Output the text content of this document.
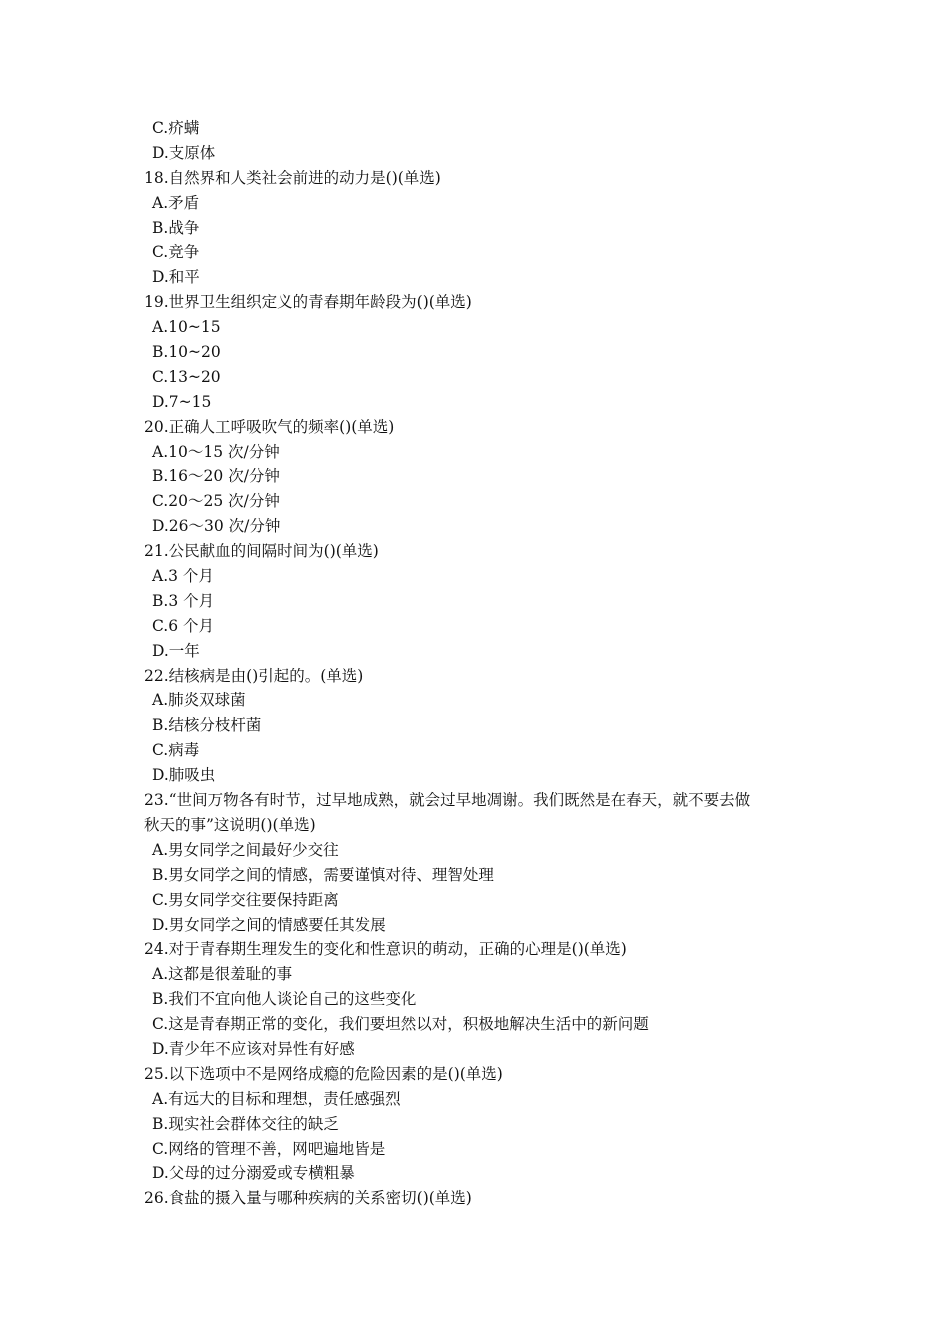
C.疥螨
D.支原体
18.自然界和人类社会前进的动力是()(单选)
A.矛盾
B.战争
C.竞争
D.和平
19.世界卫生组织定义的青春期年龄段为()(单选)
A.10~15
B.10~20
C.13~20
D.7~15
20.正确人工呼吸吹气的频率()(单选)
A.10～15 次/分钟
B.16～20 次/分钟
C.20～25 次/分钟
D.26～30 次/分钟
21.公民献血的间隔时间为()(单选)
A.3 个月
B.3 个月
C.6 个月
D.一年
22.结核病是由()引起的。(单选)
A.肺炎双球菌
B.结核分枝杆菌
C.病毒
D.肺吸虫
23.“世间万物各有时节，过早地成熟，就会过早地凋谢。我们既然是在春天，就不要去做
秋天的事”这说明()(单选)
A.男女同学之间最好少交往
B.男女同学之间的情感，需要谨慎对待、理智处理
C.男女同学交往要保持距离
D.男女同学之间的情感要任其发展
24.对于青春期生理发生的变化和性意识的萌动，正确的心理是()(单选)
A.这都是很羞耻的事
B.我们不宜向他人谈论自己的这些变化
C.这是青春期正常的变化，我们要坦然以对，积极地解决生活中的新问题
D.青少年不应该对异性有好感
25.以下选项中不是网络成瘾的危险因素的是()(单选)
A.有远大的目标和理想，责任感强烈
B.现实社会群体交往的缺乏
C.网络的管理不善，网吧遍地皆是
D.父母的过分溺爱或专横粗暴
26.食盐的摄入量与哪种疾病的关系密切()(单选)
